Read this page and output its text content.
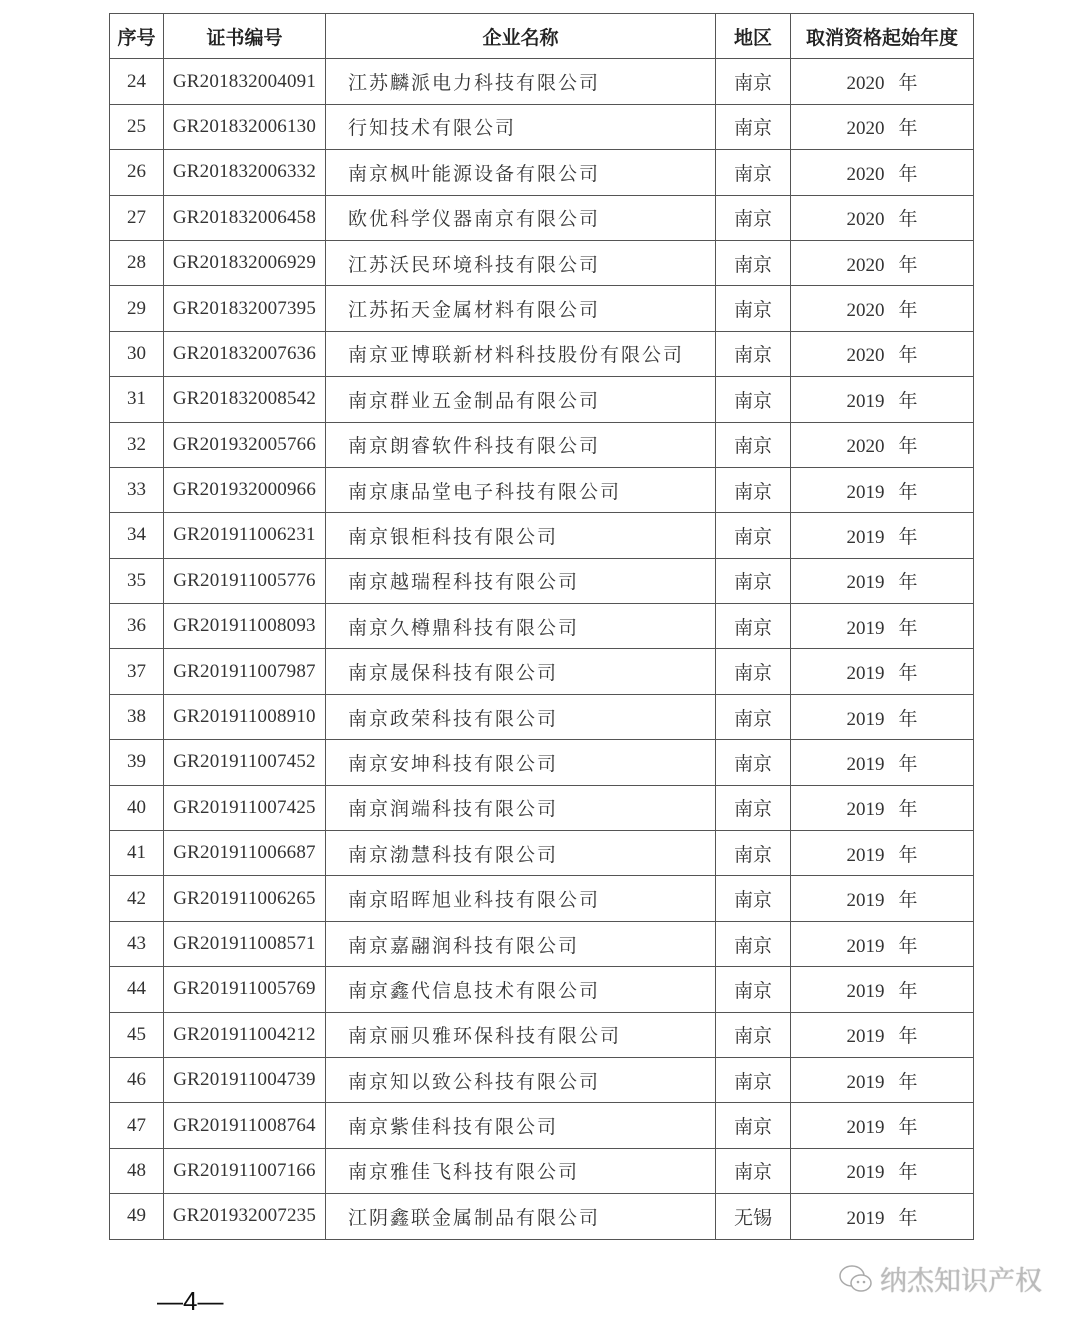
序号	证书编号	企业名称	地区	取消资格起始年度
24	GR201832004091	江苏麟派电力科技有限公司	南京	2020 年
25	GR201832006130	行知技术有限公司	南京	2020 年
26	GR201832006332	南京枫叶能源设备有限公司	南京	2020 年
27	GR201832006458	欧优科学仪器南京有限公司	南京	2020 年
28	GR201832006929	江苏沃民环境科技有限公司	南京	2020 年
29	GR201832007395	江苏拓天金属材料有限公司	南京	2020 年
30	GR201832007636	南京亚博联新材料科技股份有限公司	南京	2020 年
31	GR201832008542	南京群业五金制品有限公司	南京	2019 年
32	GR201932005766	南京朗睿软件科技有限公司	南京	2020 年
33	GR201932000966	南京康品堂电子科技有限公司	南京	2019 年
34	GR201911006231	南京银柜科技有限公司	南京	2019 年
35	GR201911005776	南京越瑞程科技有限公司	南京	2019 年
36	GR201911008093	南京久樽鼎科技有限公司	南京	2019 年
37	GR201911007987	南京晟保科技有限公司	南京	2019 年
38	GR201911008910	南京政荣科技有限公司	南京	2019 年
39	GR201911007452	南京安坤科技有限公司	南京	2019 年
40	GR201911007425	南京润端科技有限公司	南京	2019 年
41	GR201911006687	南京渤慧科技有限公司	南京	2019 年
42	GR201911006265	南京昭晖旭业科技有限公司	南京	2019 年
43	GR201911008571	南京嘉翮润科技有限公司	南京	2019 年
44	GR201911005769	南京鑫代信息技术有限公司	南京	2019 年
45	GR201911004212	南京丽贝雅环保科技有限公司	南京	2019 年
46	GR201911004739	南京知以致公科技有限公司	南京	2019 年
47	GR201911008764	南京紫佳科技有限公司	南京	2019 年
48	GR201911007166	南京雅佳飞科技有限公司	南京	2019 年
49	GR201932007235	江阴鑫联金属制品有限公司	无锡	2019 年
—4—
纳杰知识产权
